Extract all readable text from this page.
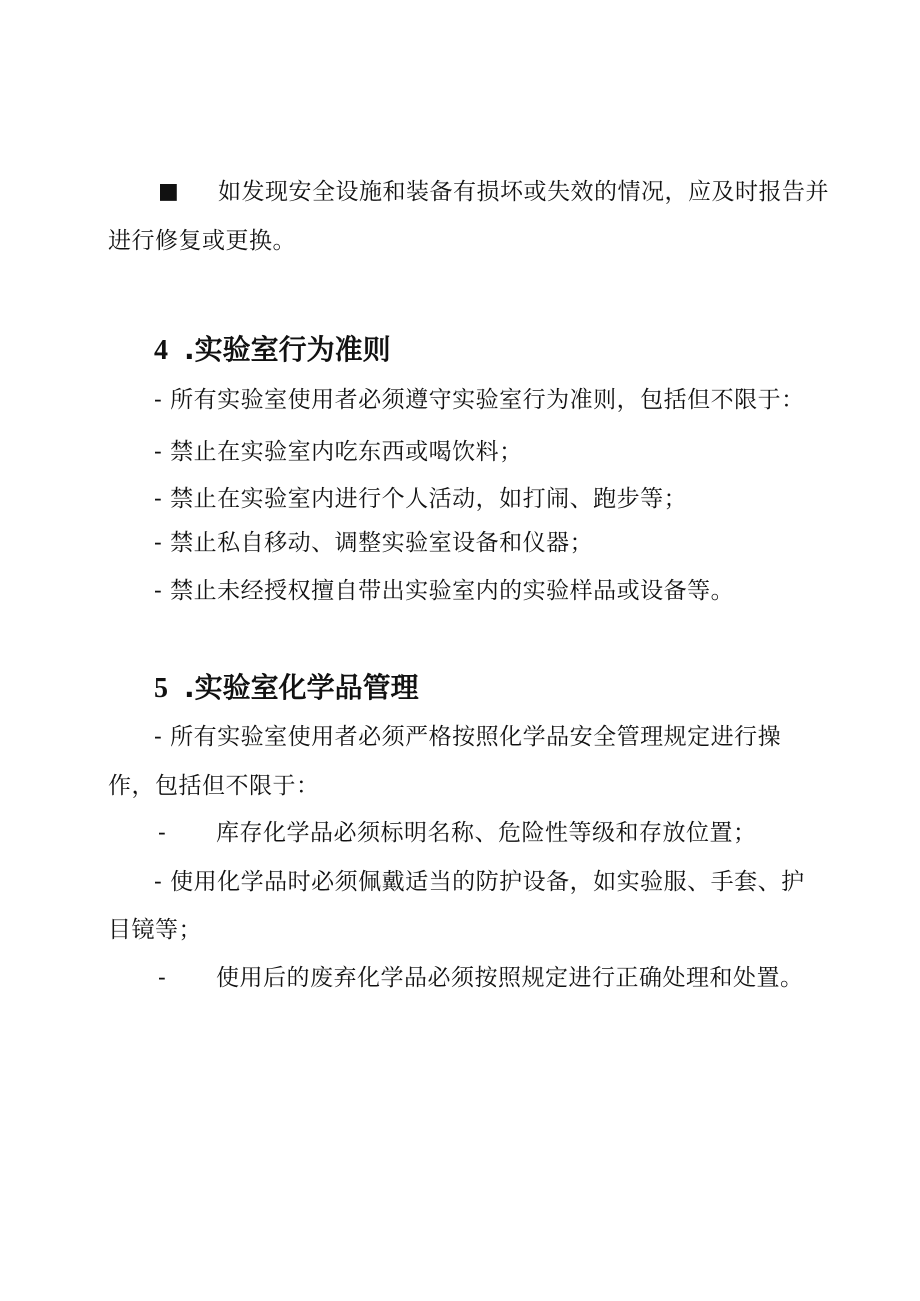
■ 如发现安全设施和装备有损坏或失效的情况，应及时报告并
进行修复或更换。
4 .实验室行为准则
- 所有实验室使用者必须遵守实验室行为准则，包括但不限于：
- 禁止在实验室内吃东西或喝饮料；
- 禁止在实验室内进行个人活动，如打闹、跑步等；
- 禁止私自移动、调整实验室设备和仪器；
- 禁止未经授权擅自带出实验室内的实验样品或设备等。
5 .实验室化学品管理
- 所有实验室使用者必须严格按照化学品安全管理规定进行操
作，包括但不限于：
- 库存化学品必须标明名称、危险性等级和存放位置；
- 使用化学品时必须佩戴适当的防护设备，如实验服、手套、护
目镜等；
- 使用后的废弃化学品必须按照规定进行正确处理和处置。
